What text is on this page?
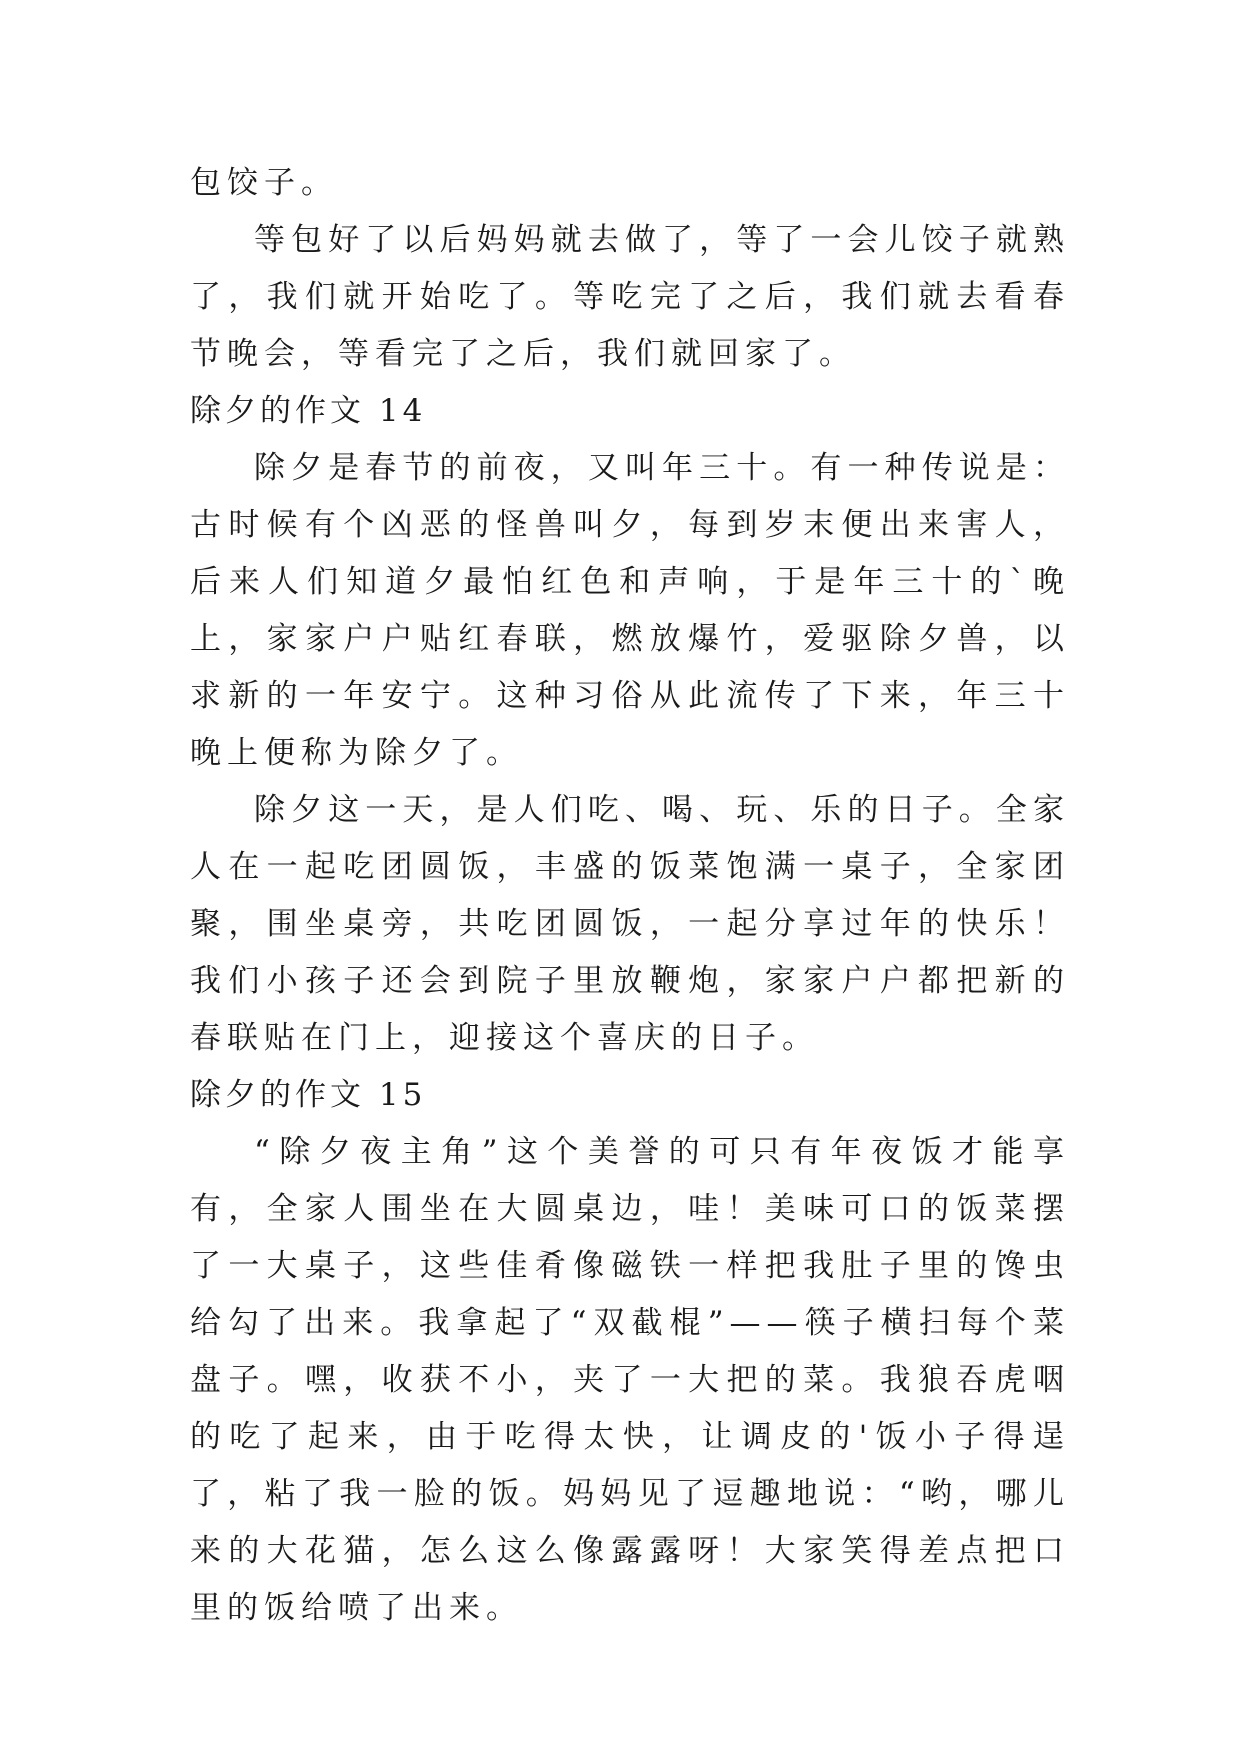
包饺子。

等包好了以后妈妈就去做了，等了一会儿饺子就熟了，我们就开始吃了。等吃完了之后，我们就去看春节晚会，等看完了之后，我们就回家了。

除夕的作文 14

除夕是春节的前夜，又叫年三十。有一种传说是：古时候有个凶恶的怪兽叫夕，每到岁末便出来害人，后来人们知道夕最怕红色和声响，于是年三十的`晚上，家家户户贴红春联，燃放爆竹，爱驱除夕兽，以求新的一年安宁。这种习俗从此流传了下来，年三十晚上便称为除夕了。

除夕这一天，是人们吃、喝、玩、乐的日子。全家人在一起吃团圆饭，丰盛的饭菜饱满一桌子，全家团聚，围坐桌旁，共吃团圆饭，一起分享过年的快乐！我们小孩子还会到院子里放鞭炮，家家户户都把新的春联贴在门上，迎接这个喜庆的日子。

除夕的作文 15

“除夕夜主角”这个美誉的可只有年夜饭才能享有，全家人围坐在大圆桌边，哇！美味可口的饭菜摆了一大桌子，这些佳肴像磁铁一样把我肚子里的馋虫给勾了出来。我拿起了“双截棍”——筷子横扫每个菜盘子。嘿，收获不小，夹了一大把的菜。我狼吞虎咽的吃了起来，由于吃得太快，让调皮的'饭小子得逞了，粘了我一脸的饭。妈妈见了逗趣地说：“哟，哪儿来的大花猫，怎么这么像露露呀！大家笑得差点把口里的饭给喷了出来。
